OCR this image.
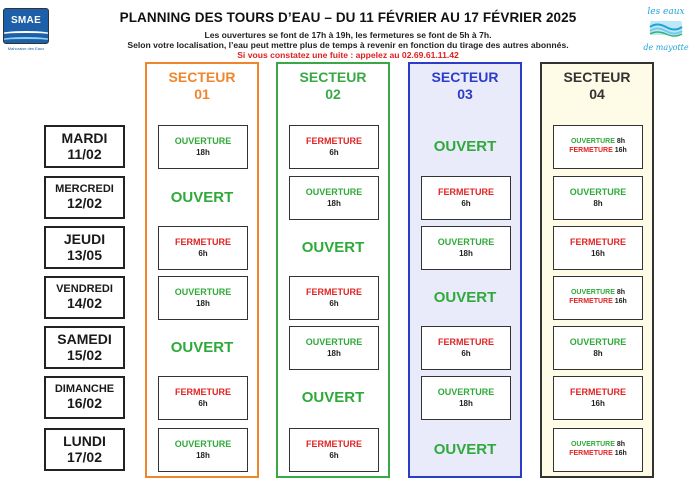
SMAE
Mahoraise des Eaux
les eaux
de mayotte
PLANNING DES TOURS D’EAU – DU 11 FÉVRIER AU 17 FÉVRIER 2025
Les ouvertures se font de 17h à 19h, les fermetures se font de 5h à 7h.
Selon votre localisation, l’eau peut mettre plus de temps à revenir en fonction du tirage des autres abonnés.
Si vous constatez une fuite : appelez au 02.69.61.11.42
MARDI
11/02
MERCREDI
12/02
JEUDI
13/05
VENDREDI
14/02
SAMEDI
15/02
DIMANCHE
16/02
LUNDI
17/02
SECTEUR
01
OUVERTURE
18h
OUVERT
FERMETURE
6h
OUVERTURE
18h
OUVERT
FERMETURE
6h
OUVERTURE
18h
SECTEUR
02
FERMETURE
6h
OUVERTURE
18h
OUVERT
FERMETURE
6h
OUVERTURE
18h
OUVERT
FERMETURE
6h
SECTEUR
03
OUVERT
FERMETURE
6h
OUVERTURE
18h
OUVERT
FERMETURE
6h
OUVERTURE
18h
OUVERT
SECTEUR
04
OUVERTURE 8h
FERMETURE 16h
OUVERTURE
8h
FERMETURE
16h
OUVERTURE 8h
FERMETURE 16h
OUVERTURE
8h
FERMETURE
16h
OUVERTURE 8h
FERMETURE 16h
